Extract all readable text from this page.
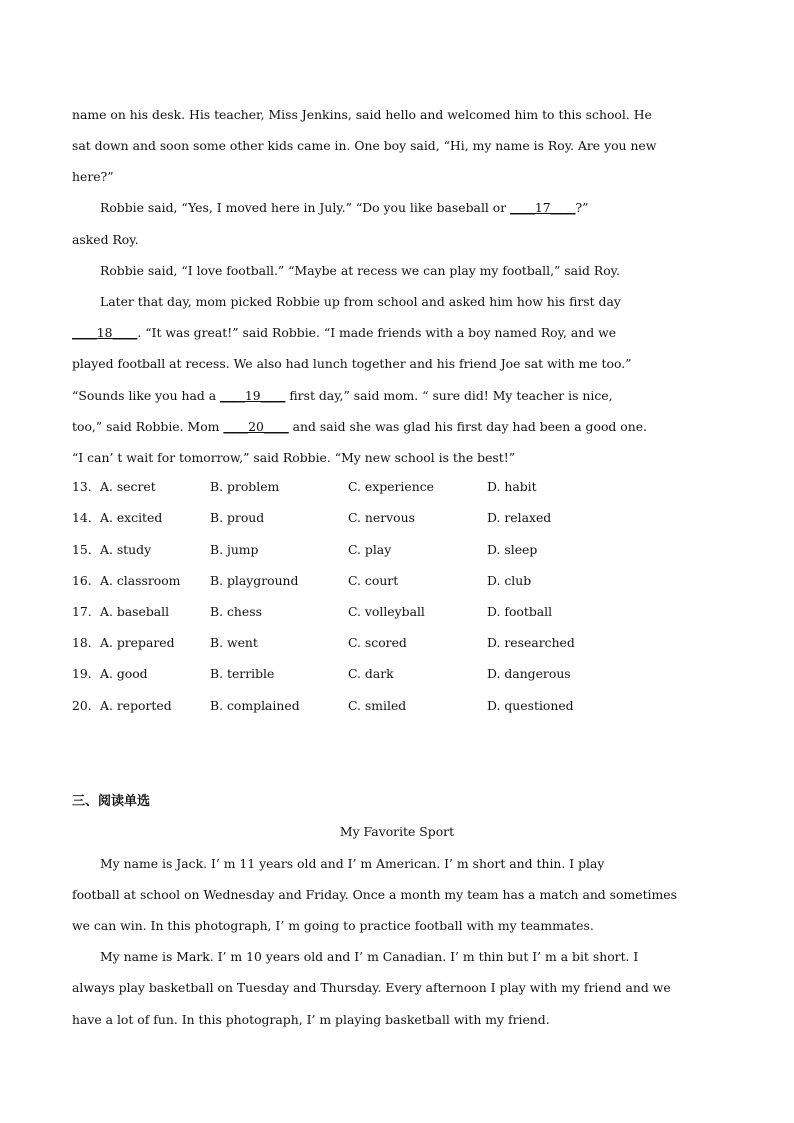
name on his desk. His teacher, Miss Jenkins, said hello and welcomed him to this school. He
sat down and soon some other kids came in. One boy said, “Hi, my name is Roy. Are you new
here?”
Robbie said, “Yes, I moved here in July.” “Do you like baseball or ____17____?”
asked Roy.
Robbie said, “I love football.” “Maybe at recess we can play my football,” said Roy.
Later that day, mom picked Robbie up from school and asked him how his first day
____18____. “It was great!” said Robbie. “I made friends with a boy named Roy, and we
played football at recess. We also had lunch together and his friend Joe sat with me too.”
“Sounds like you had a ____19____ first day,” said mom. “ sure did! My teacher is nice,
too,” said Robbie. Mom ____20____ and said she was glad his first day had been a good one.
“I can’ t wait for tomorrow,” said Robbie. “My new school is the best!”
13. A. secret	B. problem	C. experience	D. habit
14. A. excited	B. proud	C. nervous	D. relaxed
15. A. study	B. jump	C. play	D. sleep
16. A. classroom B. playground	C. court	D. club
17. A. baseball	B. chess	C. volleyball	D. football
18. A. prepared	B. went	C. scored	D. researched
19. A. good	B. terrible	C. dark	D. dangerous
20. A. reported	B. complained	C. smiled	D. questioned
三、阅读单选
My Favorite Sport
My name is Jack. I’ m 11 years old and I’ m American. I’ m short and thin. I play
football at school on Wednesday and Friday. Once a month my team has a match and sometimes
we can win. In this photograph, I’ m going to practice football with my teammates.
My name is Mark. I’ m 10 years old and I’ m Canadian. I’ m thin but I’ m a bit short. I
always play basketball on Tuesday and Thursday. Every afternoon I play with my friend and we
have a lot of fun. In this photograph, I’ m playing basketball with my friend.
